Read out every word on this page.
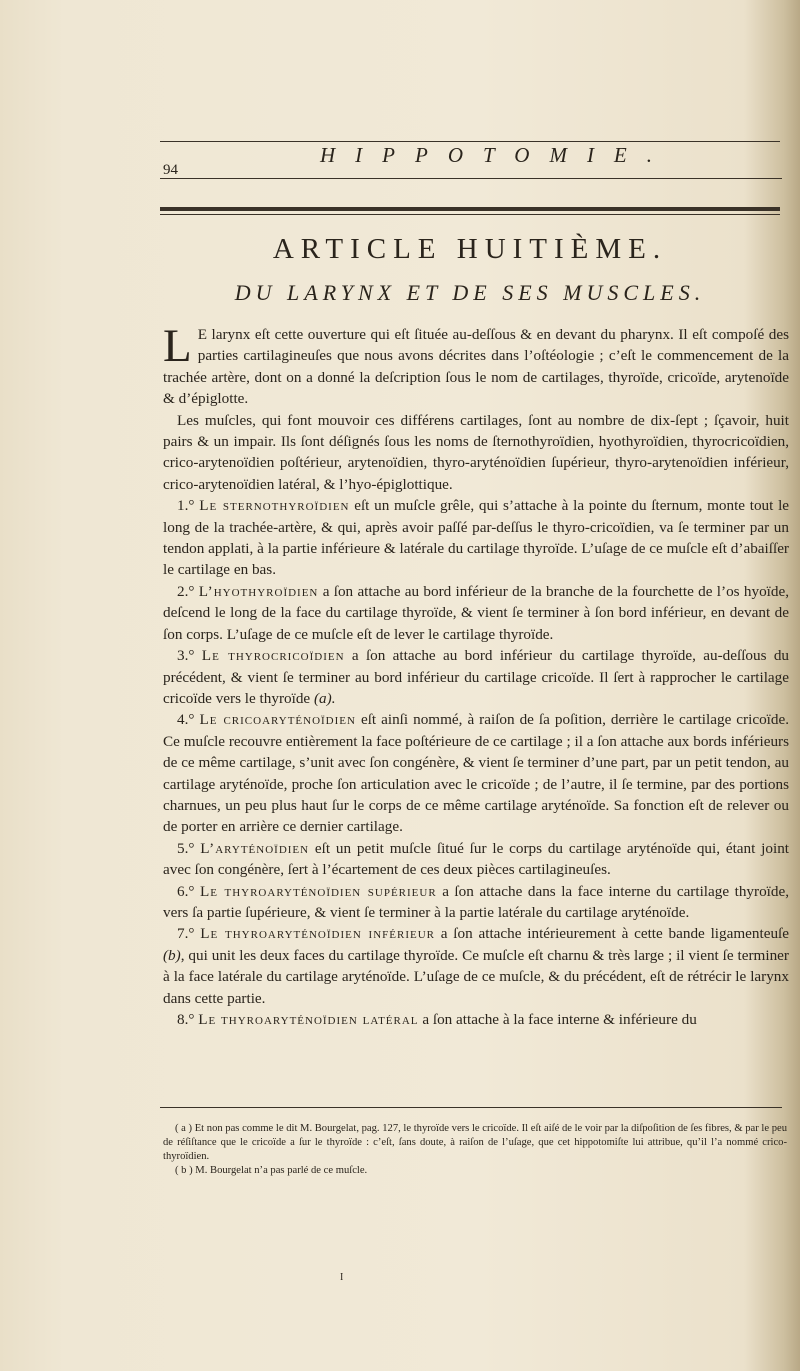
HIPPOTOMIE.
94
ARTICLE HUITIÈME.
DU LARYNX ET DE SES MUSCLES.

L E larynx eſt cette ouverture qui eſt ſituée au-deſſous & en devant du pharynx. Il eſt compoſé des parties cartilagineuſes que nous avons décrites dans l’oſtéologie ; c’eſt le commencement de la trachée artère, dont on a donné la deſcription ſous le nom de cartilages, thyroïde, cricoïde, arytenoïde & d’épiglotte.

Les muſcles, qui font mouvoir ces différens cartilages, ſont au nombre de dix-ſept ; ſçavoir, huit pairs & un impair. Ils ſont déſignés ſous les noms de ſternothyroïdien, hyothyroïdien, thyrocricoïdien, crico-arytenoïdien poſtérieur, arytenoïdien, thyro-aryténoïdien ſupérieur, thyro-arytenoïdien inférieur, crico-arytenoïdien latéral, & l’hyo-épiglottique.

1.° Le sternothyroïdien eſt un muſcle grêle, qui s’attache à la pointe du ſternum, monte tout le long de la trachée-artère, & qui, après avoir paſſé par-deſſus le thyro-cricoïdien, va ſe terminer par un tendon applati, à la partie inférieure & latérale du cartilage thyroïde. L’uſage de ce muſcle eſt d’abaiſſer le cartilage en bas.

2.° L’hyothyroïdien a ſon attache au bord inférieur de la branche de la fourchette de l’os hyoïde, deſcend le long de la face du cartilage thyroïde, & vient ſe terminer à ſon bord inférieur, en devant de ſon corps. L’uſage de ce muſcle eſt de lever le cartilage thyroïde.

3.° Le thyrocricoïdien a ſon attache au bord inférieur du cartilage thyroïde, au-deſſous du précédent, & vient ſe terminer au bord inférieur du cartilage cricoïde. Il ſert à rapprocher le cartilage cricoïde vers le thyroïde (a).

4.° Le cricoaryténoïdien eſt ainſi nommé, à raiſon de ſa poſition, derrière le cartilage cricoïde. Ce muſcle recouvre entièrement la face poſtérieure de ce cartilage ; il a ſon attache aux bords inférieurs de ce même cartilage, s’unit avec ſon congénère, & vient ſe terminer d’une part, par un petit tendon, au cartilage aryténoïde, proche ſon articulation avec le cricoïde ; de l’autre, il ſe termine, par des portions charnues, un peu plus haut ſur le corps de ce même cartilage aryténoïde. Sa fonction eſt de relever ou de porter en arrière ce dernier cartilage.

5.° L’aryténoïdien eſt un petit muſcle ſitué ſur le corps du cartilage aryténoïde qui, étant joint avec ſon congénère, ſert à l’écartement de ces deux pièces cartilagineuſes.

6.° Le thyroaryténoïdien supérieur a ſon attache dans la face interne du cartilage thyroïde, vers ſa partie ſupérieure, & vient ſe terminer à la partie latérale du cartilage aryténoïde.

7.° Le thyroaryténoïdien inférieur a ſon attache intérieurement à cette bande ligamenteuſe (b), qui unit les deux faces du cartilage thyroïde. Ce muſcle eſt charnu & très large ; il vient ſe terminer à la face latérale du cartilage aryténoïde. L’uſage de ce muſcle, & du précédent, eſt de rétrécir le larynx dans cette partie.

8.° Le thyroaryténoïdien latéral a ſon attache à la face interne & inférieure du

( a ) Et non pas comme le dit M. Bourgelat, pag. 127, le thyroïde vers le cricoïde. Il eſt aiſé de le voir par la diſpoſition de ſes fibres, & par le peu de réſiſtance que le cricoïde a ſur le thyroïde : c’eſt, ſans doute, à raiſon de l’uſage, que cet hippotomiſte lui attribue, qu’il l’a nommé crico-thyroïdien.

( b ) M. Bourgelat n’a pas parlé de ce muſcle.

I
